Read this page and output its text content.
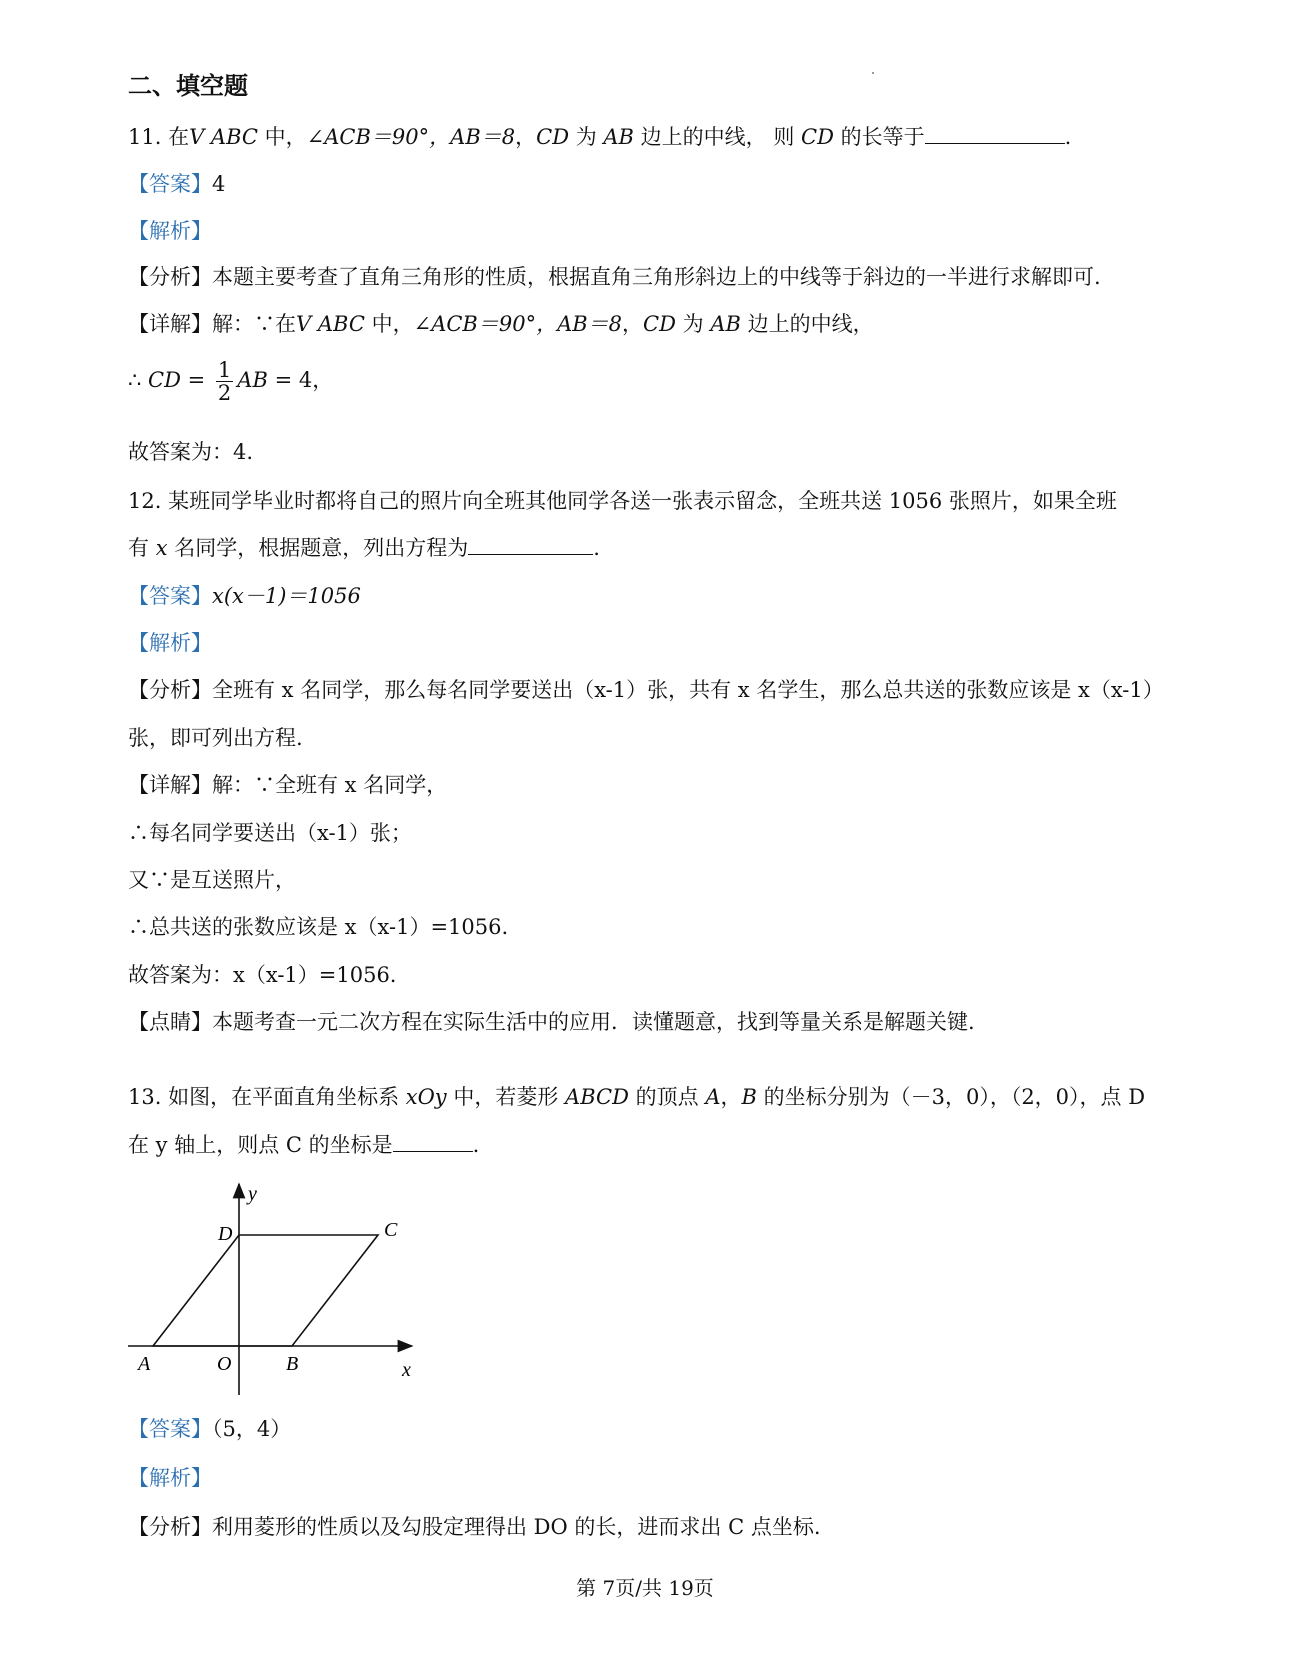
二、填空题
11. 在V ABC 中，∠ACB＝90°，AB＝8，CD 为 AB 边上的中线， 则 CD 的长等于	.
【答案】4
【解析】
【分析】本题主要考查了直角三角形的性质，根据直角三角形斜边上的中线等于斜边的一半进行求解即可.
【详解】解：∵在V ABC 中，∠ACB＝90°，AB＝8，CD 为 AB 边上的中线，
∴ CD = $\frac{1}{2}$ AB = 4，
故答案为：4.
12. 某班同学毕业时都将自己的照片向全班其他同学各送一张表示留念，全班共送 1056 张照片，如果全班
有 x 名同学，根据题意，列出方程为	.
【答案】x(x－1)＝1056
【解析】
【分析】全班有 x 名同学，那么每名同学要送出（x-1）张，共有 x 名学生，那么总共送的张数应该是 x（x-1）
张，即可列出方程.
【详解】解：∵全班有 x 名同学，
∴每名同学要送出（x-1）张；
又∵是互送照片，
∴总共送的张数应该是 x（x-1）=1056.
故答案为：x（x-1）=1056.
【点睛】本题考查一元二次方程在实际生活中的应用．读懂题意，找到等量关系是解题关键.
13. 如图，在平面直角坐标系 xOy 中，若菱形 ABCD 的顶点 A，B 的坐标分别为（－3，0），（2，0），点 D
在 y 轴上，则点 C 的坐标是	.
y
x
A	O	B
C
D
【答案】（5，4）
【解析】
【分析】利用菱形的性质以及勾股定理得出 DO 的长，进而求出 C 点坐标.
第 7页/共 19页
